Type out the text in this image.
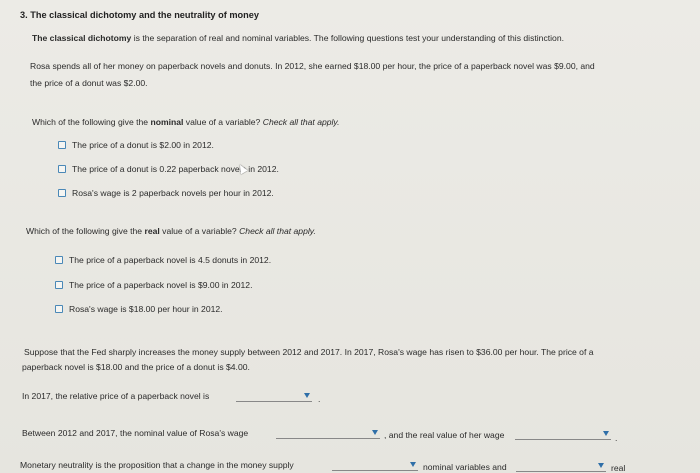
3. The classical dichotomy and the neutrality of money
The classical dichotomy is the separation of real and nominal variables. The following questions test your understanding of this distinction.
Rosa spends all of her money on paperback novels and donuts. In 2012, she earned $18.00 per hour, the price of a paperback novel was $9.00, and
the price of a donut was $2.00.
Which of the following give the nominal value of a variable? Check all that apply.
The price of a donut is $2.00 in 2012.
The price of a donut is 0.22 paperback novels in 2012.
Rosa's wage is 2 paperback novels per hour in 2012.
Which of the following give the real value of a variable? Check all that apply.
The price of a paperback novel is 4.5 donuts in 2012.
The price of a paperback novel is $9.00 in 2012.
Rosa's wage is $18.00 per hour in 2012.
Suppose that the Fed sharply increases the money supply between 2012 and 2017. In 2017, Rosa's wage has risen to $36.00 per hour. The price of a
paperback novel is $18.00 and the price of a donut is $4.00.
In 2017, the relative price of a paperback novel is	.
Between 2012 and 2017, the nominal value of Rosa's wage	, and the real value of her wage	.
Monetary neutrality is the proposition that a change in the money supply	nominal variables and	real
